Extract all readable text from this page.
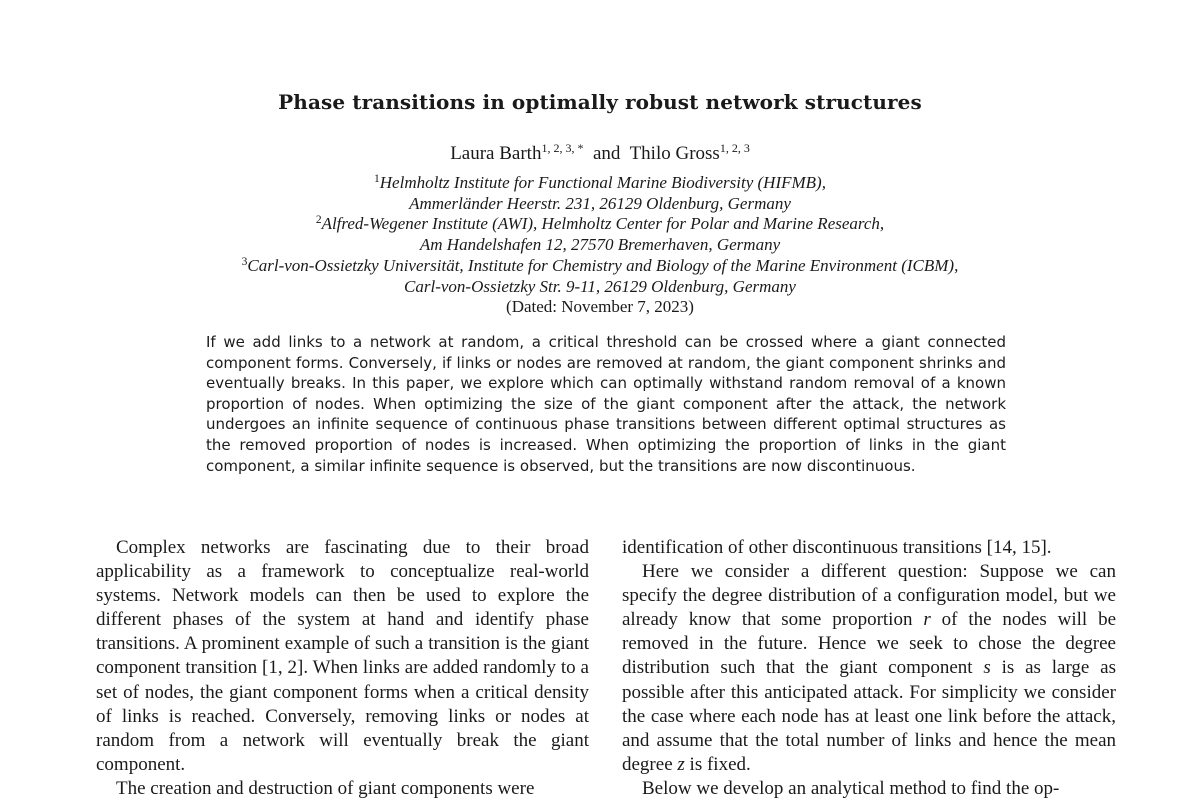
Phase transitions in optimally robust network structures
Laura Barth$^{1, 2, 3, *}$ and Thilo Gross$^{1, 2, 3}$
$^1$Helmholtz Institute for Functional Marine Biodiversity (HIFMB),
Ammerländer Heerstr. 231, 26129 Oldenburg, Germany
$^2$Alfred-Wegener Institute (AWI), Helmholtz Center for Polar and Marine Research,
Am Handelshafen 12, 27570 Bremerhaven, Germany
$^3$Carl-von-Ossietzky Universität, Institute for Chemistry and Biology of the Marine Environment (ICBM),
Carl-von-Ossietzky Str. 9-11, 26129 Oldenburg, Germany
(Dated: November 7, 2023)
If we add links to a network at random, a critical threshold can be crossed where a giant connected component forms. Conversely, if links or nodes are removed at random, the giant component shrinks and eventually breaks. In this paper, we explore which can optimally withstand random removal of a known proportion of nodes. When optimizing the size of the giant component after the attack, the network undergoes an infinite sequence of continuous phase transitions between different optimal structures as the removed proportion of nodes is increased. When optimizing the proportion of links in the giant component, a similar infinite sequence is observed, but the transitions are now discontinuous.

Complex networks are fascinating due to their broad applicability as a framework to conceptualize real-world systems. Network models can then be used to explore the different phases of the system at hand and identify phase transitions. A prominent example of such a transition is the giant component transition [1, 2]. When links are added randomly to a set of nodes, the giant component forms when a critical density of links is reached. Conversely, removing links or nodes at random from a network will eventually break the giant component.

The creation and destruction of giant components were

identification of other discontinuous transitions [14, 15].

Here we consider a different question: Suppose we can specify the degree distribution of a configuration model, but we already know that some proportion r of the nodes will be removed in the future. Hence we seek to chose the degree distribution such that the giant component s is as large as possible after this anticipated attack. For simplicity we consider the case where each node has at least one link before the attack, and assume that the total number of links and hence the mean degree z is fixed.

Below we develop an analytical method to find the op-
